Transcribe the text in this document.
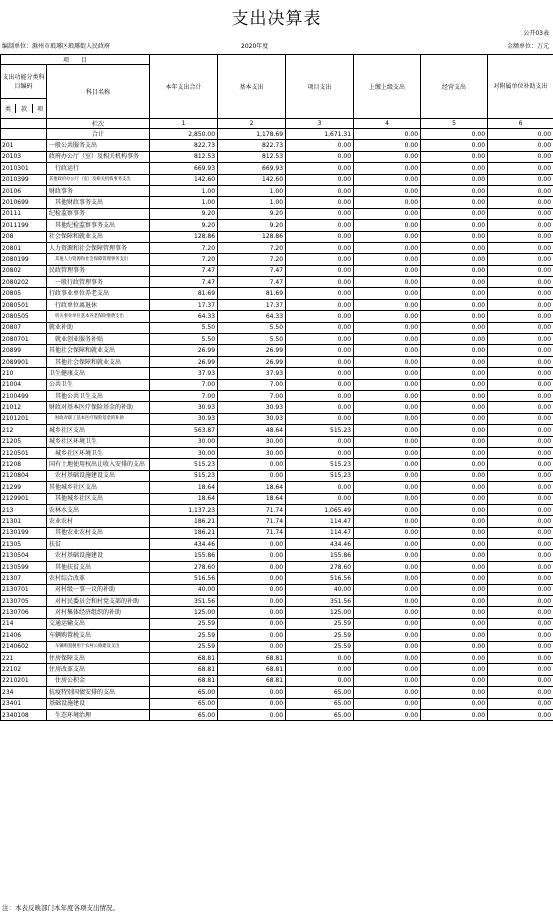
支出决算表
公开03表
编制单位：滁州市琅琊区琅琊街人民政府	2020年度	金额单位：万元
项　　目		本年支出合计	基本支出	项目支出	上缴上级支出	经营支出	对附属单位补助支出
支出功能分类科目编码	科目名称						
类 款 项							
	栏次	1	2	3	4	5	6
	合计	2,850.00	1,178.69	1,671.31	0.00	0.00	0.00
201	一般公共服务支出	822.73	822.73	0.00	0.00	0.00	0.00
20103	政府办公厅（室）及相关机构事务	812.53	812.53	0.00	0.00	0.00	0.00
2010301	行政运行	669.93	669.93	0.00	0.00	0.00	0.00
2010399	其他政府办公厅（室）及相关机构事务支出	142.60	142.60	0.00	0.00	0.00	0.00
20106	财政事务	1.00	1.00	0.00	0.00	0.00	0.00
2010699	其他财政事务支出	1.00	1.00	0.00	0.00	0.00	0.00
20111	纪检监察事务	9.20	9.20	0.00	0.00	0.00	0.00
2011199	其他纪检监察事务支出	9.20	9.20	0.00	0.00	0.00	0.00
208	社会保障和就业支出	128.86	128.86	0.00	0.00	0.00	0.00
20801	人力资源和社会保障管理事务	7.20	7.20	0.00	0.00	0.00	0.00
2080199	其他人力资源和社会保障管理事务支出	7.20	7.20	0.00	0.00	0.00	0.00
20802	民政管理事务	7.47	7.47	0.00	0.00	0.00	0.00
2080202	一般行政管理事务	7.47	7.47	0.00	0.00	0.00	0.00
20805	行政事业单位养老支出	81.69	81.69	0.00	0.00	0.00	0.00
2080501	行政单位离退休	17.37	17.37	0.00	0.00	0.00	0.00
2080505	机关事业单位基本养老保险缴费支出	64.33	64.33	0.00	0.00	0.00	0.00
20807	就业补助	5.50	5.50	0.00	0.00	0.00	0.00
2080701	就业创业服务补贴	5.50	5.50	0.00	0.00	0.00	0.00
20899	其他社会保障和就业支出	26.99	26.99	0.00	0.00	0.00	0.00
2089901	其他社会保障和就业支出	26.99	26.99	0.00	0.00	0.00	0.00
210	卫生健康支出	37.93	37.93	0.00	0.00	0.00	0.00
21004	公共卫生	7.00	7.00	0.00	0.00	0.00	0.00
2100499	其他公共卫生支出	7.00	7.00	0.00	0.00	0.00	0.00
21012	财政对基本医疗保险基金的补助	30.93	30.93	0.00	0.00	0.00	0.00
2101201	财政对职工基本医疗保险基金的补助	30.93	30.93	0.00	0.00	0.00	0.00
212	城乡社区支出	563.87	48.64	515.23	0.00	0.00	0.00
21205	城乡社区环境卫生	30.00	30.00	0.00	0.00	0.00	0.00
2120501	城乡社区环境卫生	30.00	30.00	0.00	0.00	0.00	0.00
21208	国有土地使用权出让收入安排的支出	515.23	0.00	515.23	0.00	0.00	0.00
2120804	农村基础设施建设支出	515.23	0.00	515.23	0.00	0.00	0.00
21299	其他城乡社区支出	18.64	18.64	0.00	0.00	0.00	0.00
2129901	其他城乡社区支出	18.64	18.64	0.00	0.00	0.00	0.00
213	农林水支出	1,137.23	71.74	1,065.49	0.00	0.00	0.00
21301	农业农村	186.21	71.74	114.47	0.00	0.00	0.00
2130199	其他农业农村支出	186.21	71.74	114.47	0.00	0.00	0.00
21305	扶贫	434.46	0.00	434.46	0.00	0.00	0.00
2130504	农村基础设施建设	155.86	0.00	155.86	0.00	0.00	0.00
2130599	其他扶贫支出	278.60	0.00	278.60	0.00	0.00	0.00
21307	农村综合改革	516.56	0.00	516.56	0.00	0.00	0.00
2130701	对村级一事一议的补助	40.00	0.00	40.00	0.00	0.00	0.00
2130705	对村民委员会和村党支部的补助	351.56	0.00	351.56	0.00	0.00	0.00
2130706	对村集体经济组织的补助	125.00	0.00	125.00	0.00	0.00	0.00
214	交通运输支出	25.59	0.00	25.59	0.00	0.00	0.00
21406	车辆购置税支出	25.59	0.00	25.59	0.00	0.00	0.00
2140602	车辆购置税用于农村公路建设支出	25.59	0.00	25.59	0.00	0.00	0.00
221	住房保障支出	68.81	68.81	0.00	0.00	0.00	0.00
22102	住房改革支出	68.81	68.81	0.00	0.00	0.00	0.00
2210201	住房公积金	68.81	68.81	0.00	0.00	0.00	0.00
234	抗疫特别国债安排的支出	65.00	0.00	65.00	0.00	0.00	0.00
23401	基础设施建设	65.00	0.00	65.00	0.00	0.00	0.00
2340108	生态环境治理	65.00	0.00	65.00	0.00	0.00	0.00
注：本表反映部门本年度各项支出情况。
